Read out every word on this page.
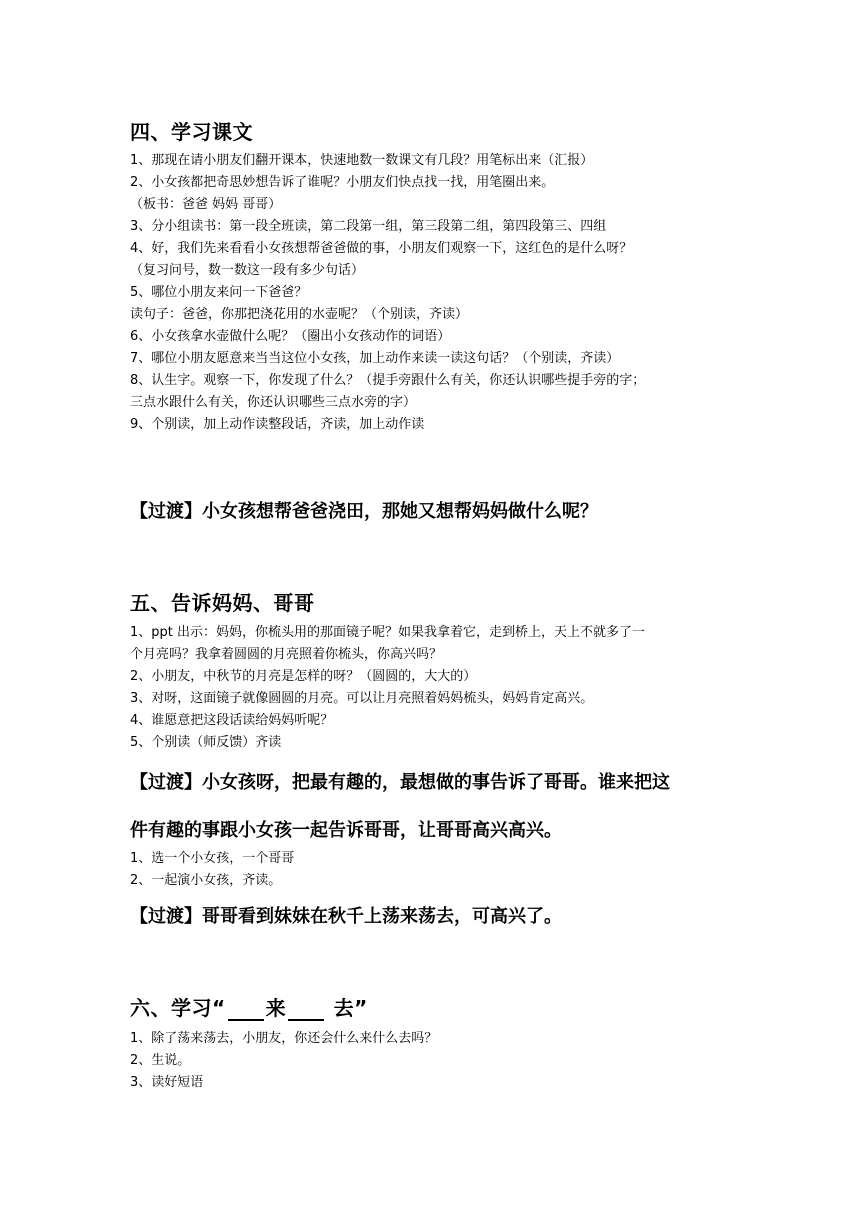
四、学习课文
1、那现在请小朋友们翻开课本，快速地数一数课文有几段？用笔标出来（汇报）
2、小女孩都把奇思妙想告诉了谁呢？小朋友们快点找一找，用笔圈出来。
（板书：爸爸 妈妈 哥哥）
3、分小组读书：第一段全班读，第二段第一组，第三段第二组，第四段第三、四组
4、好，我们先来看看小女孩想帮爸爸做的事，小朋友们观察一下，这红色的是什么呀？
（复习问号，数一数这一段有多少句话）
5、哪位小朋友来问一下爸爸？
读句子：爸爸，你那把浇花用的水壶呢？（个别读，齐读）
6、小女孩拿水壶做什么呢？（圈出小女孩动作的词语）
7、哪位小朋友愿意来当当这位小女孩，加上动作来读一读这句话？（个别读，齐读）
8、认生字。观察一下，你发现了什么？（提手旁跟什么有关，你还认识哪些提手旁的字；
三点水跟什么有关，你还认识哪些三点水旁的字）
9、个别读，加上动作读整段话，齐读，加上动作读
【过渡】小女孩想帮爸爸浇田，那她又想帮妈妈做什么呢？
五、告诉妈妈、哥哥
1、ppt 出示：妈妈，你梳头用的那面镜子呢？如果我拿着它，走到桥上，天上不就多了一
个月亮吗？我拿着圆圆的月亮照着你梳头，你高兴吗？
2、小朋友，中秋节的月亮是怎样的呀？（圆圆的，大大的）
3、对呀，这面镜子就像圆圆的月亮。可以让月亮照着妈妈梳头，妈妈肯定高兴。
4、谁愿意把这段话读给妈妈听呢？
5、个别读（师反馈）齐读
【过渡】小女孩呀，把最有趣的，最想做的事告诉了哥哥。谁来把这
件有趣的事跟小女孩一起告诉哥哥，让哥哥高兴高兴。
1、选一个小女孩，一个哥哥
2、一起演小女孩，齐读。
【过渡】哥哥看到妹妹在秋千上荡来荡去，可高兴了。
六、学习“ 来 去”
1、除了荡来荡去，小朋友，你还会什么来什么去吗？
2、生说。
3、读好短语
